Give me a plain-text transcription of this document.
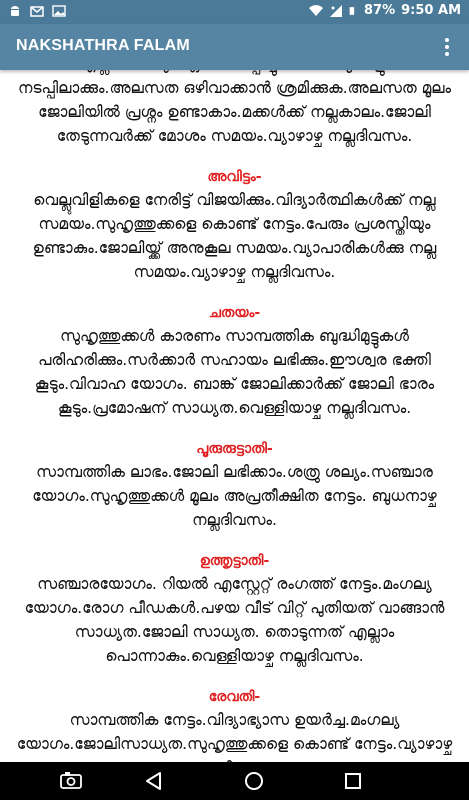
87% 9:50 AM
NAKSHATHRA FALAM

നടപ്പിലാക്കും.അലസത ഒഴിവാക്കാൻ ശ്രമിക്കുക.അലസത മൂലം ജോലിയിൽ പ്രശ്നം ഉണ്ടാകാം.മക്കൾക്ക് നല്ലകാലം.ജോലി തേടുന്നവർക്ക് മോശം സമയം.വ്യാഴാഴ്ച നല്ലദിവസം.

അവിട്ടം-

വെല്ലുവിളികളെ നേരിട്ട് വിജയിക്കും.വിദ്യാർത്ഥികൾക്ക് നല്ല സമയം.സുഹൃത്തുക്കളെ കൊണ്ട് നേട്ടം.പേരും പ്രശസ്തിയും ഉണ്ടാകും.ജോലിയ്ക്ക് അനുകൂല സമയം.വ്യാപാരികൾക്കു നല്ല സമയം.വ്യാഴാഴ്ച നല്ലദിവസം.

ചതയം-

സുഹൃത്തുക്കൾ കാരണം സാമ്പത്തിക ബുദ്ധിമുട്ടുകൾ പരിഹരിക്കും.സർക്കാർ സഹായം ലഭിക്കും.ഈശ്വര ഭക്തി കൂടും.വിവാഹ യോഗം. ബാങ്ക് ജോലിക്കാർക്ക് ജോലി ഭാരം കൂടും.പ്രമോഷന് സാധ്യത.വെള്ളിയാഴ്ച നല്ലദിവസം.

പൂരുരുട്ടാതി-

സാമ്പത്തിക ലാഭം.ജോലി ലഭിക്കാം.ശത്രു ശല്യം.സഞ്ചാര യോഗം.സുഹൃത്തുക്കൾ മൂലം അപ്രതീക്ഷിത നേട്ടം. ബുധനാഴ്ച നല്ലദിവസം.

ഉത്തൃട്ടാതി-

സഞ്ചാരയോഗം. റിയൽ എസ്റ്റേറ്റ് രംഗത്ത് നേട്ടം.മംഗല്യ യോഗം.രോഗ പീഡകൾ.പഴയ വീട് വിറ്റ് പുതിയത് വാങ്ങാൻ സാധ്യത.ജോലി സാധ്യത. തൊടുന്നത് എല്ലാം പൊന്നാകും.വെള്ളിയാഴ്ച നല്ലദിവസം.

രേവതി-

സാമ്പത്തിക നേട്ടം.വിദ്യാഭ്യാസ ഉയർച്ച.മംഗല്യ യോഗം.ജോലിസാധ്യത.സുഹൃത്തുക്കളെ കൊണ്ട് നേട്ടം.വ്യാഴാഴ്ച
